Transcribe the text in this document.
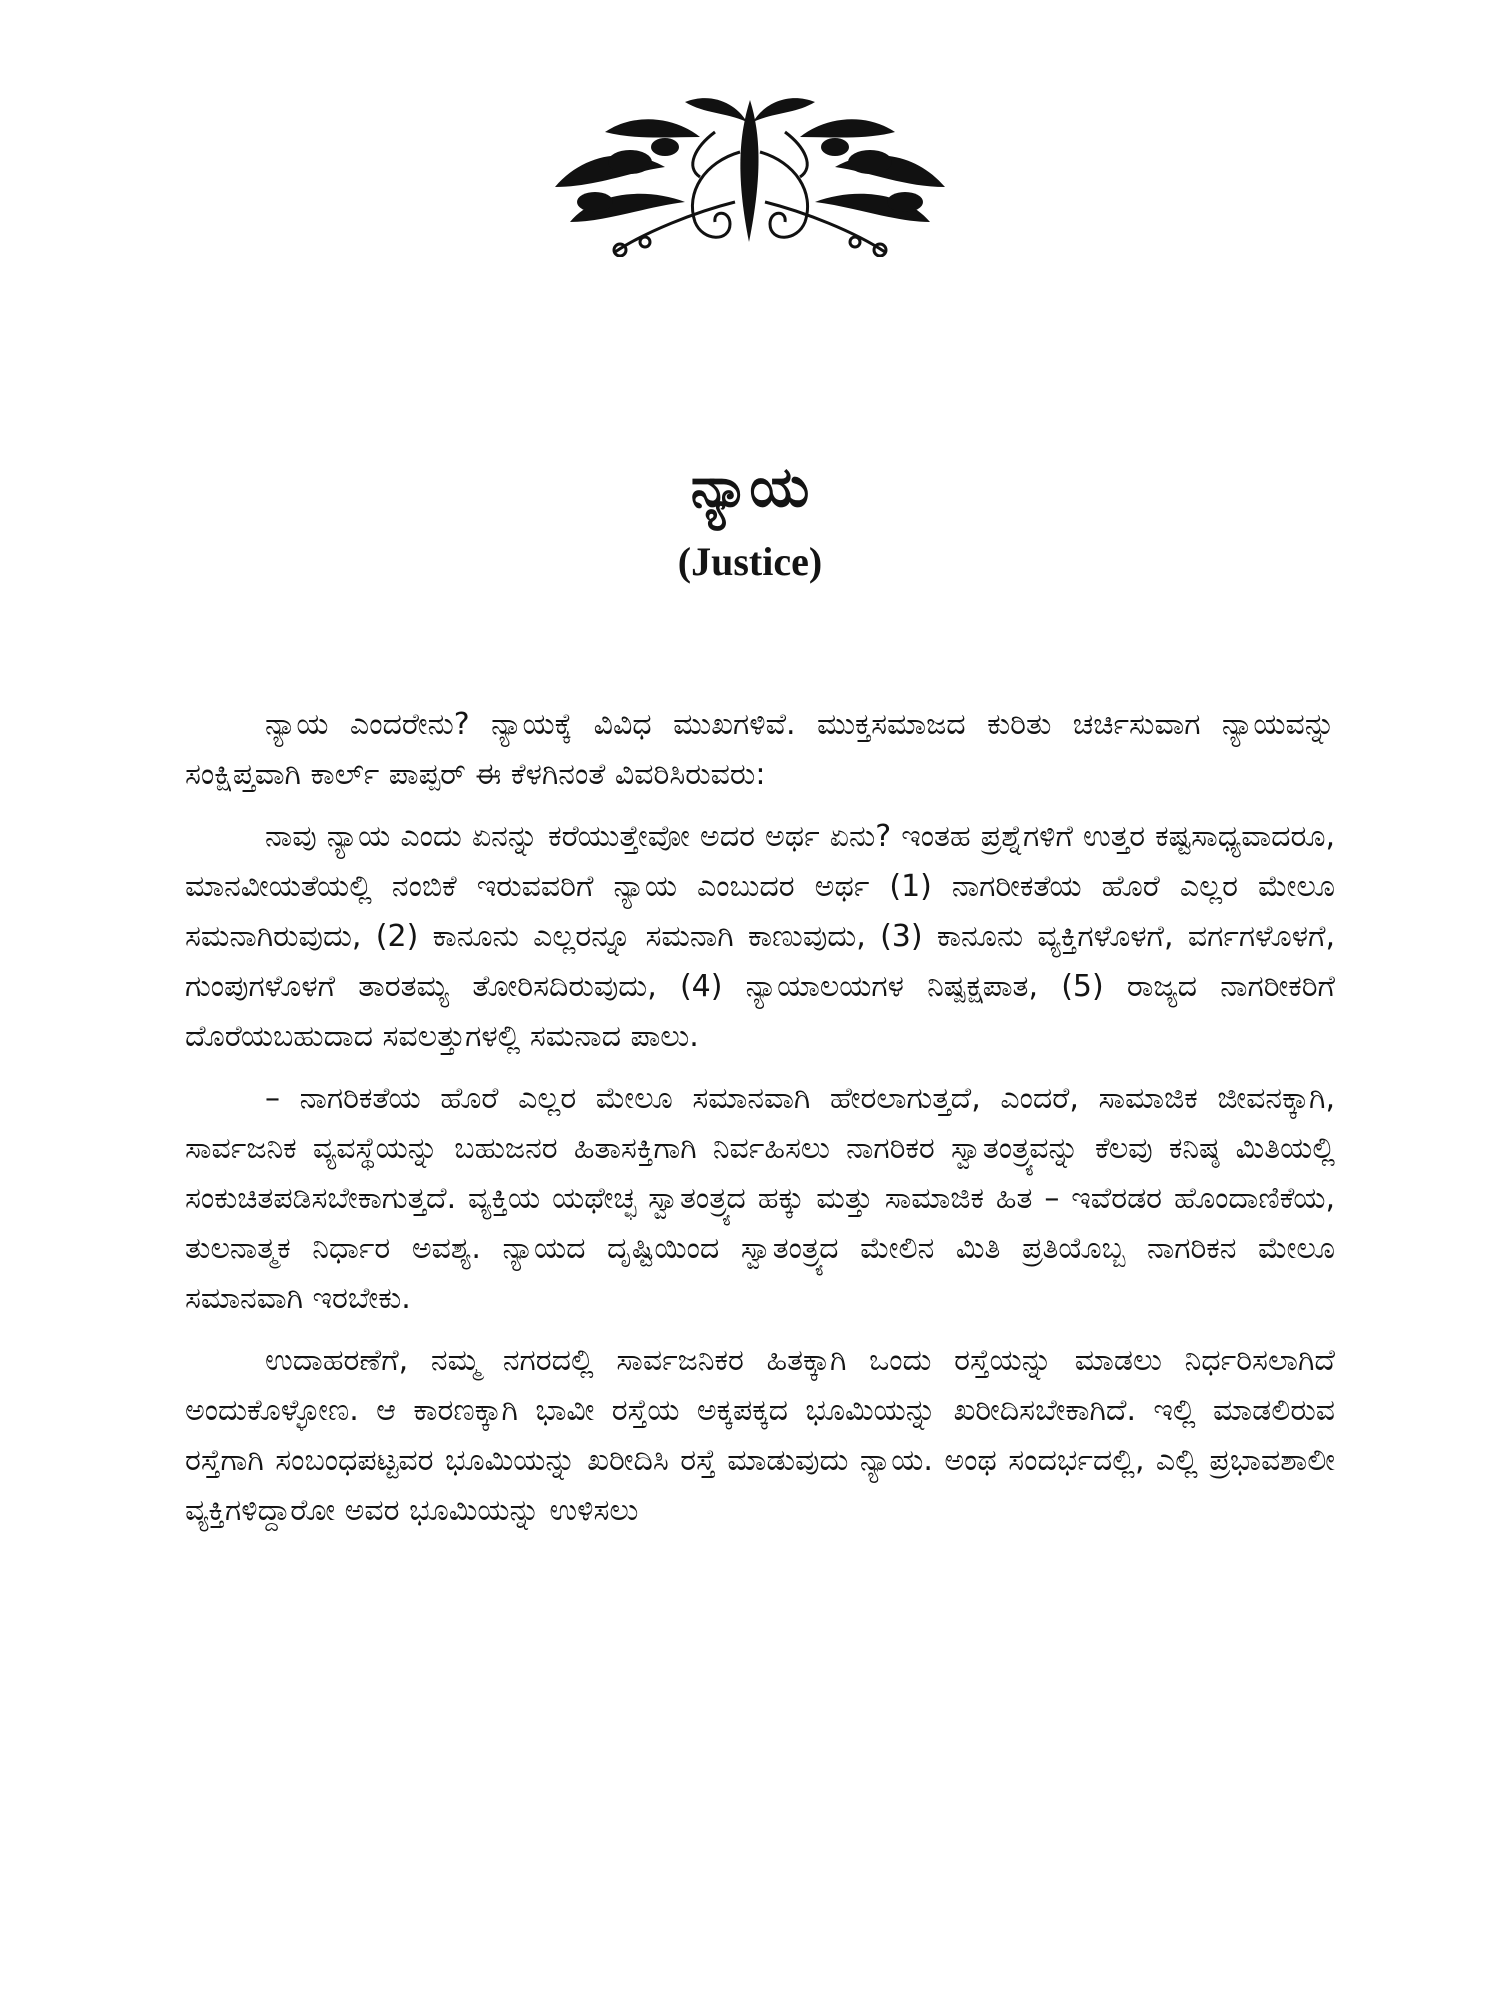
ನ್ಯಾಯ
(Justice)

ನ್ಯಾಯ ಎಂದರೇನು? ನ್ಯಾಯಕ್ಕೆ ವಿವಿಧ ಮುಖಗಳಿವೆ. ಮುಕ್ತಸಮಾಜದ ಕುರಿತು ಚರ್ಚಿಸುವಾಗ ನ್ಯಾಯವನ್ನು ಸಂಕ್ಷಿಪ್ತವಾಗಿ ಕಾರ್ಲ್ ಪಾಪ್ಪರ್ ಈ ಕೆಳಗಿನಂತೆ ವಿವರಿಸಿರುವರು:

ನಾವು ನ್ಯಾಯ ಎಂದು ಏನನ್ನು ಕರೆಯುತ್ತೇವೋ ಅದರ ಅರ್ಥ ಏನು? ಇಂತಹ ಪ್ರಶ್ನೆಗಳಿಗೆ ಉತ್ತರ ಕಷ್ಟಸಾಧ್ಯವಾದರೂ, ಮಾನವೀಯತೆಯಲ್ಲಿ ನಂಬಿಕೆ ಇರುವವರಿಗೆ ನ್ಯಾಯ ಎಂಬುದರ ಅರ್ಥ (1) ನಾಗರೀಕತೆಯ ಹೊರೆ ಎಲ್ಲರ ಮೇಲೂ ಸಮನಾಗಿರುವುದು, (2) ಕಾನೂನು ಎಲ್ಲರನ್ನೂ ಸಮನಾಗಿ ಕಾಣುವುದು, (3) ಕಾನೂನು ವ್ಯಕ್ತಿಗಳೊಳಗೆ, ವರ್ಗಗಳೊಳಗೆ, ಗುಂಪುಗಳೊಳಗೆ ತಾರತಮ್ಯ ತೋರಿಸದಿರುವುದು, (4) ನ್ಯಾಯಾಲಯಗಳ ನಿಷ್ಪಕ್ಷಪಾತ, (5) ರಾಜ್ಯದ ನಾಗರೀಕರಿಗೆ ದೊರೆಯಬಹುದಾದ ಸವಲತ್ತುಗಳಲ್ಲಿ ಸಮನಾದ ಪಾಲು.

– ನಾಗರಿಕತೆಯ ಹೊರೆ ಎಲ್ಲರ ಮೇಲೂ ಸಮಾನವಾಗಿ ಹೇರಲಾಗುತ್ತದೆ, ಎಂದರೆ, ಸಾಮಾಜಿಕ ಜೀವನಕ್ಕಾಗಿ, ಸಾರ್ವಜನಿಕ ವ್ಯವಸ್ಥೆಯನ್ನು ಬಹುಜನರ ಹಿತಾಸಕ್ತಿಗಾಗಿ ನಿರ್ವಹಿಸಲು ನಾಗರಿಕರ ಸ್ವಾತಂತ್ರ್ಯವನ್ನು ಕೆಲವು ಕನಿಷ್ಠ ಮಿತಿಯಲ್ಲಿ ಸಂಕುಚಿತಪಡಿಸಬೇಕಾಗುತ್ತದೆ. ವ್ಯಕ್ತಿಯ ಯಥೇಚ್ಛ ಸ್ವಾತಂತ್ರ್ಯದ ಹಕ್ಕು ಮತ್ತು ಸಾಮಾಜಿಕ ಹಿತ – ಇವೆರಡರ ಹೊಂದಾಣಿಕೆಯ, ತುಲನಾತ್ಮಕ ನಿರ್ಧಾರ ಅವಶ್ಯ. ನ್ಯಾಯದ ದೃಷ್ಟಿಯಿಂದ ಸ್ವಾತಂತ್ರ್ಯದ ಮೇಲಿನ ಮಿತಿ ಪ್ರತಿಯೊಬ್ಬ ನಾಗರಿಕನ ಮೇಲೂ ಸಮಾನವಾಗಿ ಇರಬೇಕು.

ಉದಾಹರಣೆಗೆ, ನಮ್ಮ ನಗರದಲ್ಲಿ ಸಾರ್ವಜನಿಕರ ಹಿತಕ್ಕಾಗಿ ಒಂದು ರಸ್ತೆಯನ್ನು ಮಾಡಲು ನಿರ್ಧರಿಸಲಾಗಿದೆ ಅಂದುಕೊಳ್ಳೋಣ. ಆ ಕಾರಣಕ್ಕಾಗಿ ಭಾವೀ ರಸ್ತೆಯ ಅಕ್ಕಪಕ್ಕದ ಭೂಮಿಯನ್ನು ಖರೀದಿಸಬೇಕಾಗಿದೆ. ಇಲ್ಲಿ ಮಾಡಲಿರುವ ರಸ್ತೆಗಾಗಿ ಸಂಬಂಧಪಟ್ಟವರ ಭೂಮಿಯನ್ನು ಖರೀದಿಸಿ ರಸ್ತೆ ಮಾಡುವುದು ನ್ಯಾಯ. ಅಂಥ ಸಂದರ್ಭದಲ್ಲಿ, ಎಲ್ಲಿ ಪ್ರಭಾವಶಾಲೀ ವ್ಯಕ್ತಿಗಳಿದ್ದಾರೋ ಅವರ ಭೂಮಿಯನ್ನು ಉಳಿಸಲು
